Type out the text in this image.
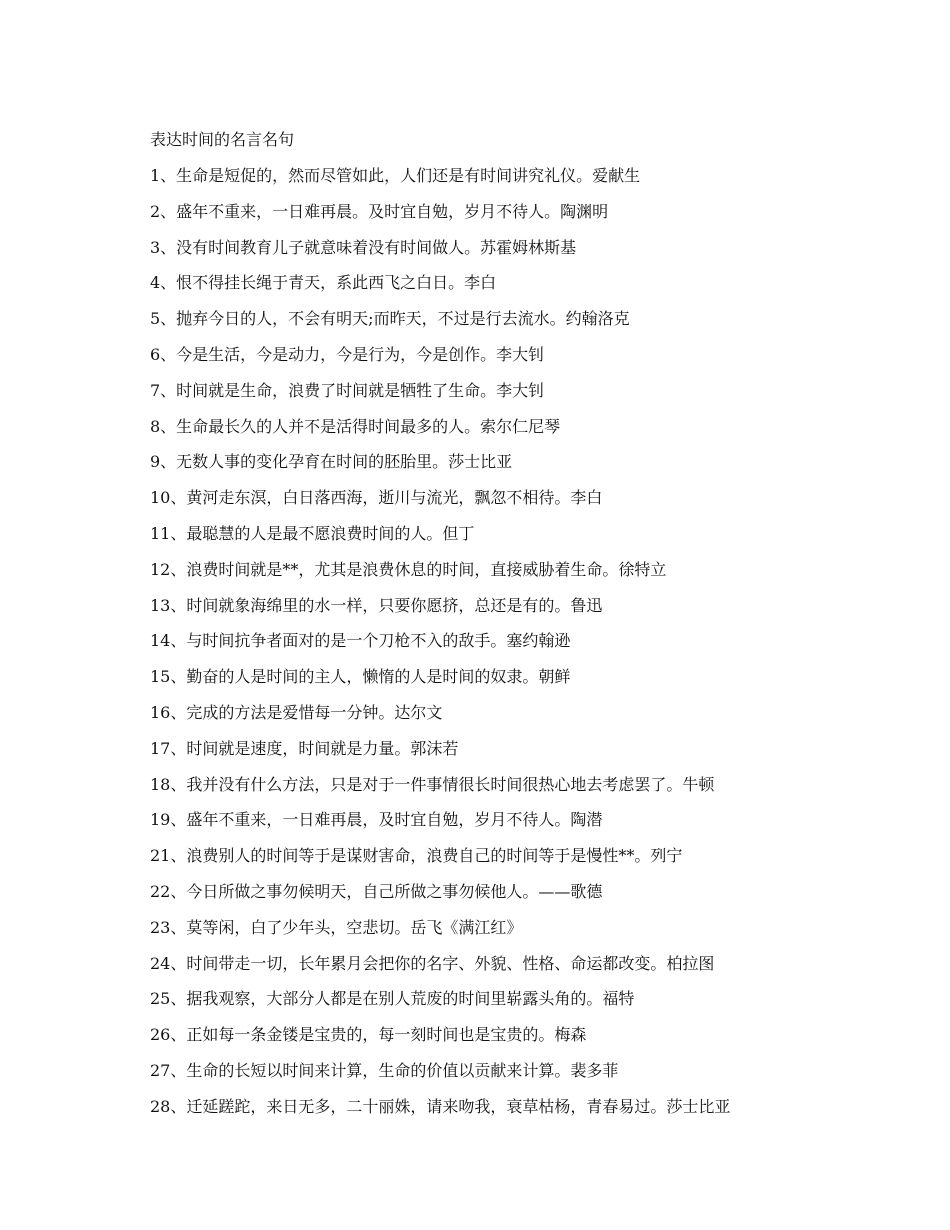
表达时间的名言名句
1、生命是短促的，然而尽管如此，人们还是有时间讲究礼仪。爱献生
2、盛年不重来，一日难再晨。及时宜自勉，岁月不待人。陶渊明
3、没有时间教育儿子就意味着没有时间做人。苏霍姆林斯基
4、恨不得挂长绳于青天，系此西飞之白日。李白
5、抛弃今日的人，不会有明天;而昨天，不过是行去流水。约翰洛克
6、今是生活，今是动力，今是行为，今是创作。李大钊
7、时间就是生命，浪费了时间就是牺牲了生命。李大钊
8、生命最长久的人并不是活得时间最多的人。索尔仁尼琴
9、无数人事的变化孕育在时间的胚胎里。莎士比亚
10、黄河走东溟，白日落西海，逝川与流光，飘忽不相待。李白
11、最聪慧的人是最不愿浪费时间的人。但丁
12、浪费时间就是**，尤其是浪费休息的时间，直接威胁着生命。徐特立
13、时间就象海绵里的水一样，只要你愿挤，总还是有的。鲁迅
14、与时间抗争者面对的是一个刀枪不入的敌手。塞约翰逊
15、勤奋的人是时间的主人，懒惰的人是时间的奴隶。朝鲜
16、完成的方法是爱惜每一分钟。达尔文
17、时间就是速度，时间就是力量。郭沫若
18、我并没有什么方法，只是对于一件事情很长时间很热心地去考虑罢了。牛顿
19、盛年不重来，一日难再晨，及时宜自勉，岁月不待人。陶潜
21、浪费别人的时间等于是谋财害命，浪费自己的时间等于是慢性**。列宁
22、今日所做之事勿候明天，自己所做之事勿候他人。——歌德
23、莫等闲，白了少年头，空悲切。岳飞《满江红》
24、时间带走一切，长年累月会把你的名字、外貌、性格、命运都改变。柏拉图
25、据我观察，大部分人都是在别人荒废的时间里崭露头角的。福特
26、正如每一条金镂是宝贵的，每一刻时间也是宝贵的。梅森
27、生命的长短以时间来计算，生命的价值以贡献来计算。裴多菲
28、迁延蹉跎，来日无多，二十丽姝，请来吻我，衰草枯杨，青春易过。莎士比亚
